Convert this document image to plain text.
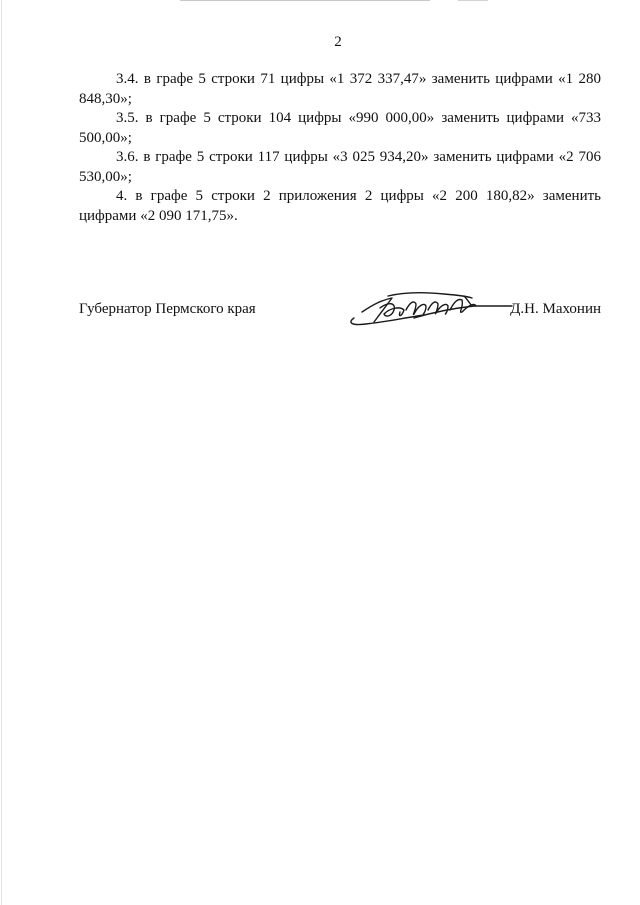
2

3.4. в графе 5 строки 71 цифры «1 372 337,47» заменить цифрами «1 280 848,30»;

3.5. в графе 5 строки 104 цифры «990 000,00» заменить цифрами «733 500,00»;

3.6. в графе 5 строки 117 цифры «3 025 934,20» заменить цифрами «2 706 530,00»;

4. в графе 5 строки 2 приложения 2 цифры «2 200 180,82» заменить цифрами «2 090 171,75».

Губернатор Пермского края	Д.Н. Махонин
